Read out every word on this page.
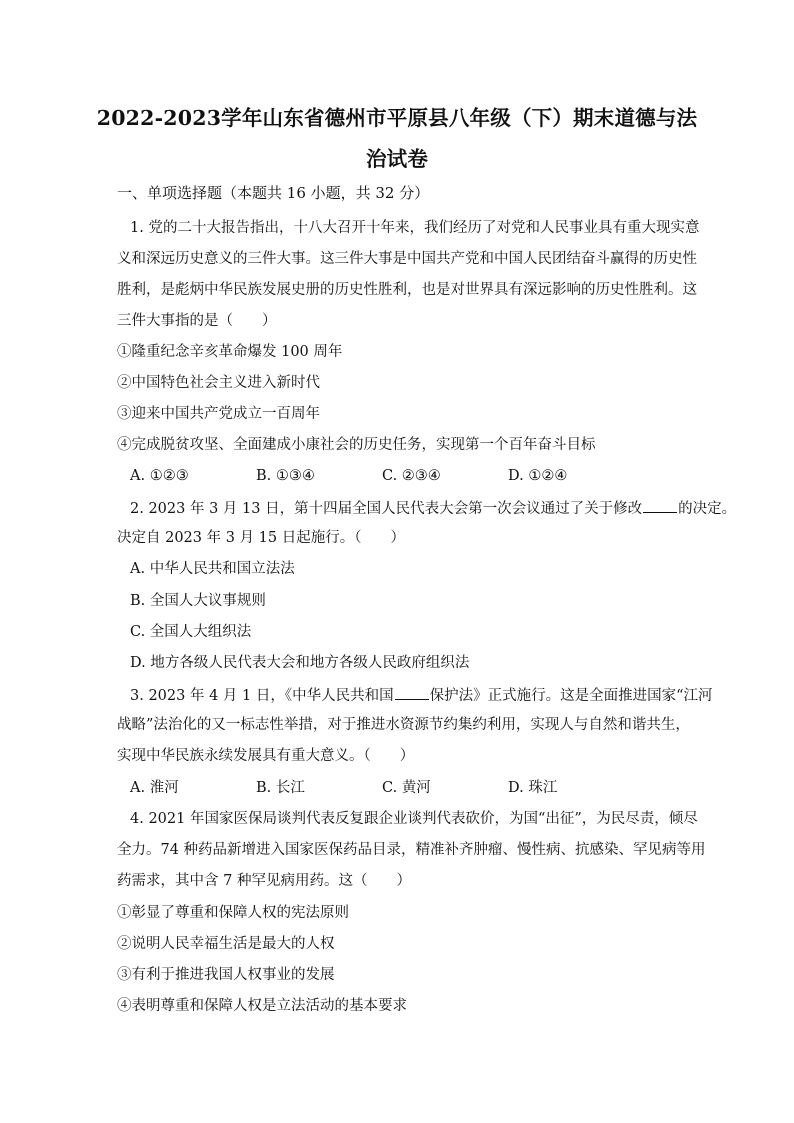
2022-2023学年山东省德州市平原县八年级（下）期末道德与法
治试卷
一、单项选择题（本题共 16 小题，共 32 分）
1. 党的二十大报告指出，十八大召开十年来，我们经历了对党和人民事业具有重大现实意
义和深远历史意义的三件大事。这三件大事是中国共产党和中国人民团结奋斗赢得的历史性
胜利，是彪炳中华民族发展史册的历史性胜利，也是对世界具有深远影响的历史性胜利。这
三件大事指的是（　　）
①隆重纪念辛亥革命爆发 100 周年
②中国特色社会主义进入新时代
③迎来中国共产党成立一百周年
④完成脱贫攻坚、全面建成小康社会的历史任务，实现第一个百年奋斗目标
A. ①②③	B. ①③④	C. ②③④	D. ①②④
2. 2023 年 3 月 13 日，第十四届全国人民代表大会第一次会议通过了关于修改 的决定。
决定自 2023 年 3 月 15 日起施行。（　　）
A. 中华人民共和国立法法
B. 全国人大议事规则
C. 全国人大组织法
D. 地方各级人民代表大会和地方各级人民政府组织法
3. 2023 年 4 月 1 日，《中华人民共和国 保护法》正式施行。这是全面推进国家“江河
战略”法治化的又一标志性举措，对于推进水资源节约集约利用，实现人与自然和谐共生，
实现中华民族永续发展具有重大意义。（　　）
A. 淮河	B. 长江	C. 黄河	D. 珠江
4. 2021 年国家医保局谈判代表反复跟企业谈判代表砍价，为国“出征”，为民尽责，倾尽
全力。74 种药品新增进入国家医保药品目录，精准补齐肿瘤、慢性病、抗感染、罕见病等用
药需求，其中含 7 种罕见病用药。这（　　）
①彰显了尊重和保障人权的宪法原则
②说明人民幸福生活是最大的人权
③有利于推进我国人权事业的发展
④表明尊重和保障人权是立法活动的基本要求
